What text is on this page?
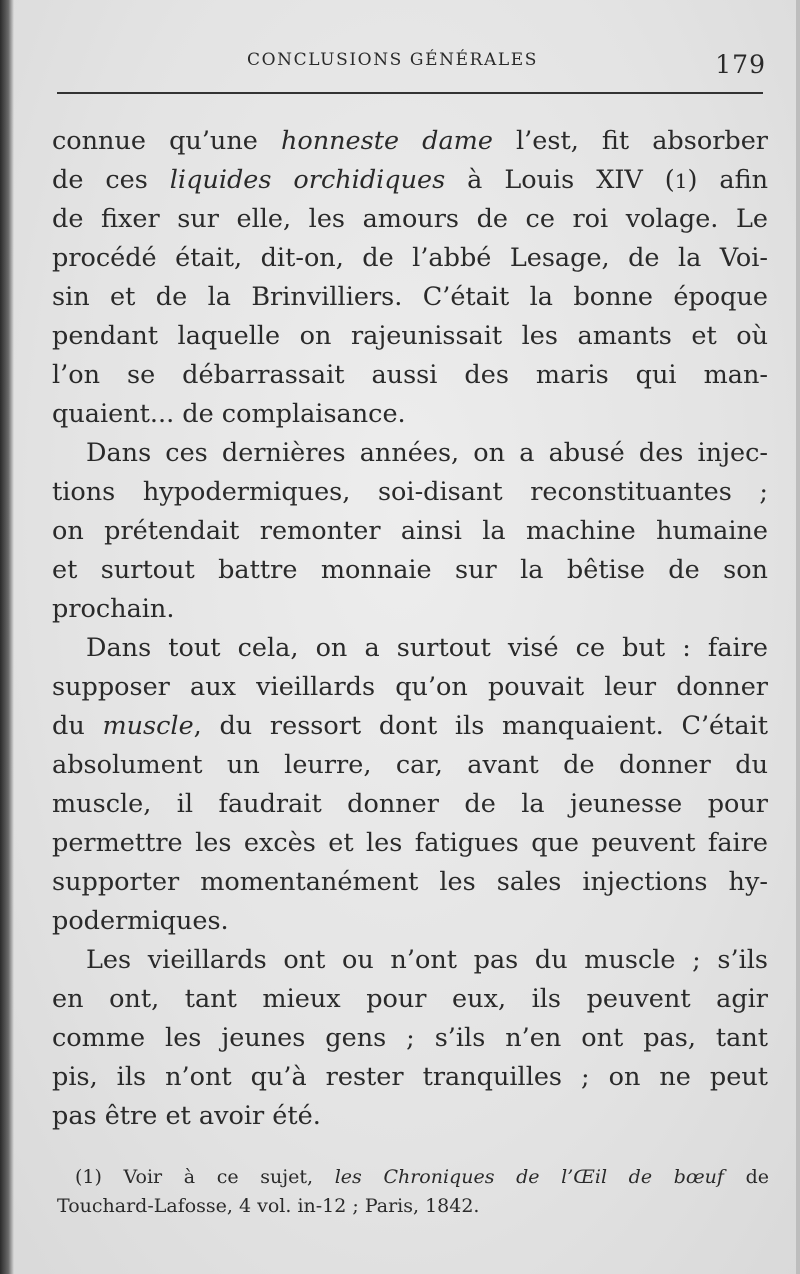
CONCLUSIONS GÉNÉRALES	179
connue qu’une honneste dame l’est, fit absorber
de ces liquides orchidiques à Louis XIV (1) afin
de fixer sur elle, les amours de ce roi volage. Le
procédé était, dit-on, de l’abbé Lesage, de la Voi-
sin et de la Brinvilliers. C’était la bonne époque
pendant laquelle on rajeunissait les amants et où
l’on se débarrassait aussi des maris qui man-
quaient... de complaisance.
Dans ces dernières années, on a abusé des injec-
tions hypodermiques, soi-disant reconstituantes ;
on prétendait remonter ainsi la machine humaine
et surtout battre monnaie sur la bêtise de son
prochain.
Dans tout cela, on a surtout visé ce but : faire
supposer aux vieillards qu’on pouvait leur donner
du muscle, du ressort dont ils manquaient. C’était
absolument un leurre, car, avant de donner du
muscle, il faudrait donner de la jeunesse pour
permettre les excès et les fatigues que peuvent faire
supporter momentanément les sales injections hy-
podermiques.
Les vieillards ont ou n’ont pas du muscle ; s’ils
en ont, tant mieux pour eux, ils peuvent agir
comme les jeunes gens ; s’ils n’en ont pas, tant
pis, ils n’ont qu’à rester tranquilles ; on ne peut
pas être et avoir été.
(1) Voir à ce sujet, les Chroniques de l’Œil de bœuf de
Touchard-Lafosse, 4 vol. in-12 ; Paris, 1842.
